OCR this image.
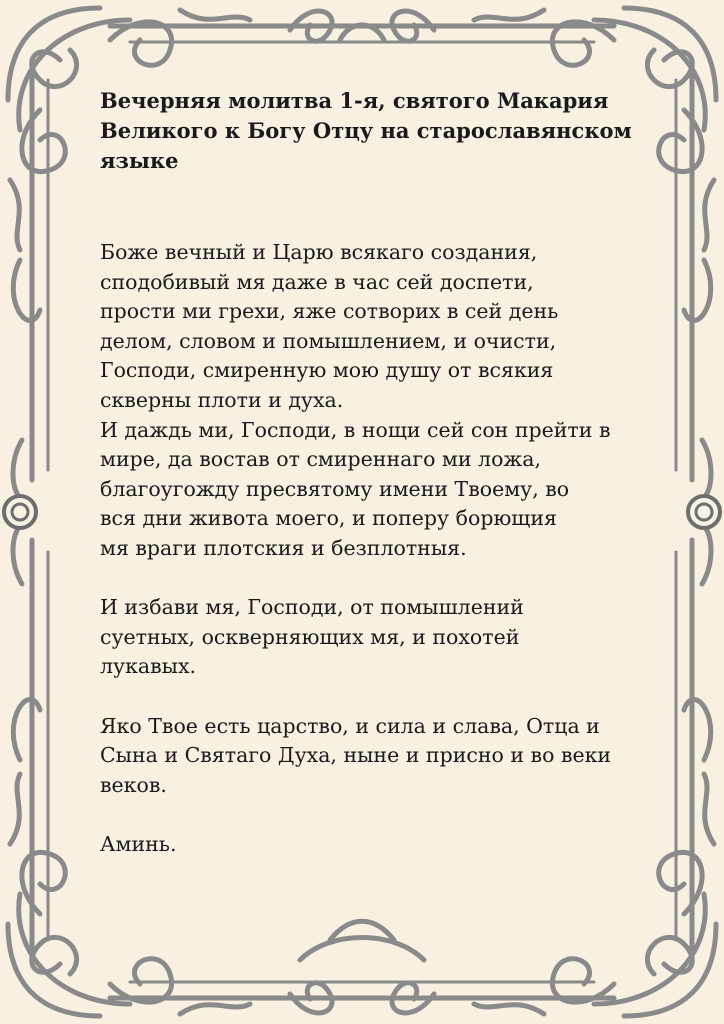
Вечерняя молитва 1-я, святого Макария
Великого к Богу Отцу на старославянском
языке

Боже вечный и Царю всякаго создания,
сподобивый мя даже в час сей доспети,
прости ми грехи, яже сотворих в сей день
делом, словом и помышлением, и очисти,
Господи, смиренную мою душу от всякия
скверны плоти и духа.
И даждь ми, Господи, в нощи сей сон прейти в
мире, да востав от смиреннаго ми ложа,
благоугожду пресвятому имени Твоему, во
вся дни живота моего, и поперу борющия
мя враги плотския и безплотныя.

И избави мя, Господи, от помышлений
суетных, оскверняющих мя, и похотей
лукавых.

Яко Твое есть царство, и сила и слава, Отца и
Сына и Святаго Духа, ныне и присно и во веки
веков.

Аминь.
